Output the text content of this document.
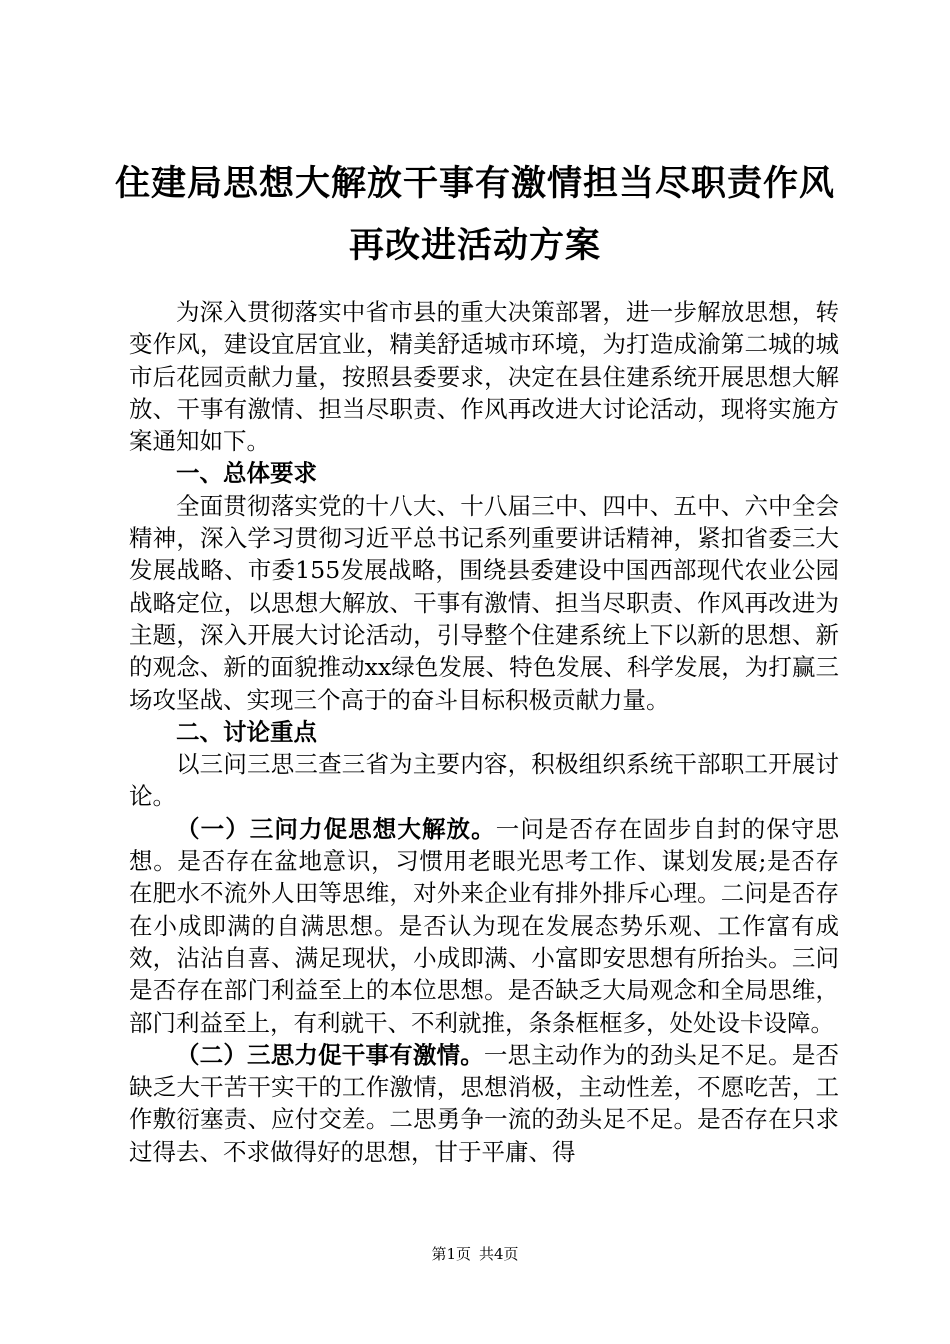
住建局思想大解放干事有激情担当尽职责作风
再改进活动方案

为深入贯彻落实中省市县的重大决策部署，进一步解放思想，转变作风，建设宜居宜业，精美舒适城市环境，为打造成渝第二城的城市后花园贡献力量，按照县委要求，决定在县住建系统开展思想大解放、干事有激情、担当尽职责、作风再改进大讨论活动，现将实施方案通知如下。

一、总体要求

全面贯彻落实党的十八大、十八届三中、四中、五中、六中全会精神，深入学习贯彻习近平总书记系列重要讲话精神，紧扣省委三大发展战略、市委155发展战略，围绕县委建设中国西部现代农业公园战略定位，以思想大解放、干事有激情、担当尽职责、作风再改进为主题，深入开展大讨论活动，引导整个住建系统上下以新的思想、新的观念、新的面貌推动xx绿色发展、特色发展、科学发展，为打赢三场攻坚战、实现三个高于的奋斗目标积极贡献力量。

二、讨论重点

以三问三思三查三省为主要内容，积极组织系统干部职工开展讨论。

（一）三问力促思想大解放。一问是否存在固步自封的保守思想。是否存在盆地意识，习惯用老眼光思考工作、谋划发展;是否存在肥水不流外人田等思维，对外来企业有排外排斥心理。二问是否存在小成即满的自满思想。是否认为现在发展态势乐观、工作富有成效，沾沾自喜、满足现状，小成即满、小富即安思想有所抬头。三问是否存在部门利益至上的本位思想。是否缺乏大局观念和全局思维，部门利益至上，有利就干、不利就推，条条框框多，处处设卡设障。

（二）三思力促干事有激情。一思主动作为的劲头足不足。是否缺乏大干苦干实干的工作激情，思想消极，主动性差，不愿吃苦，工作敷衍塞责、应付交差。二思勇争一流的劲头足不足。是否存在只求过得去、不求做得好的思想，甘于平庸、得

第1页 共4页
